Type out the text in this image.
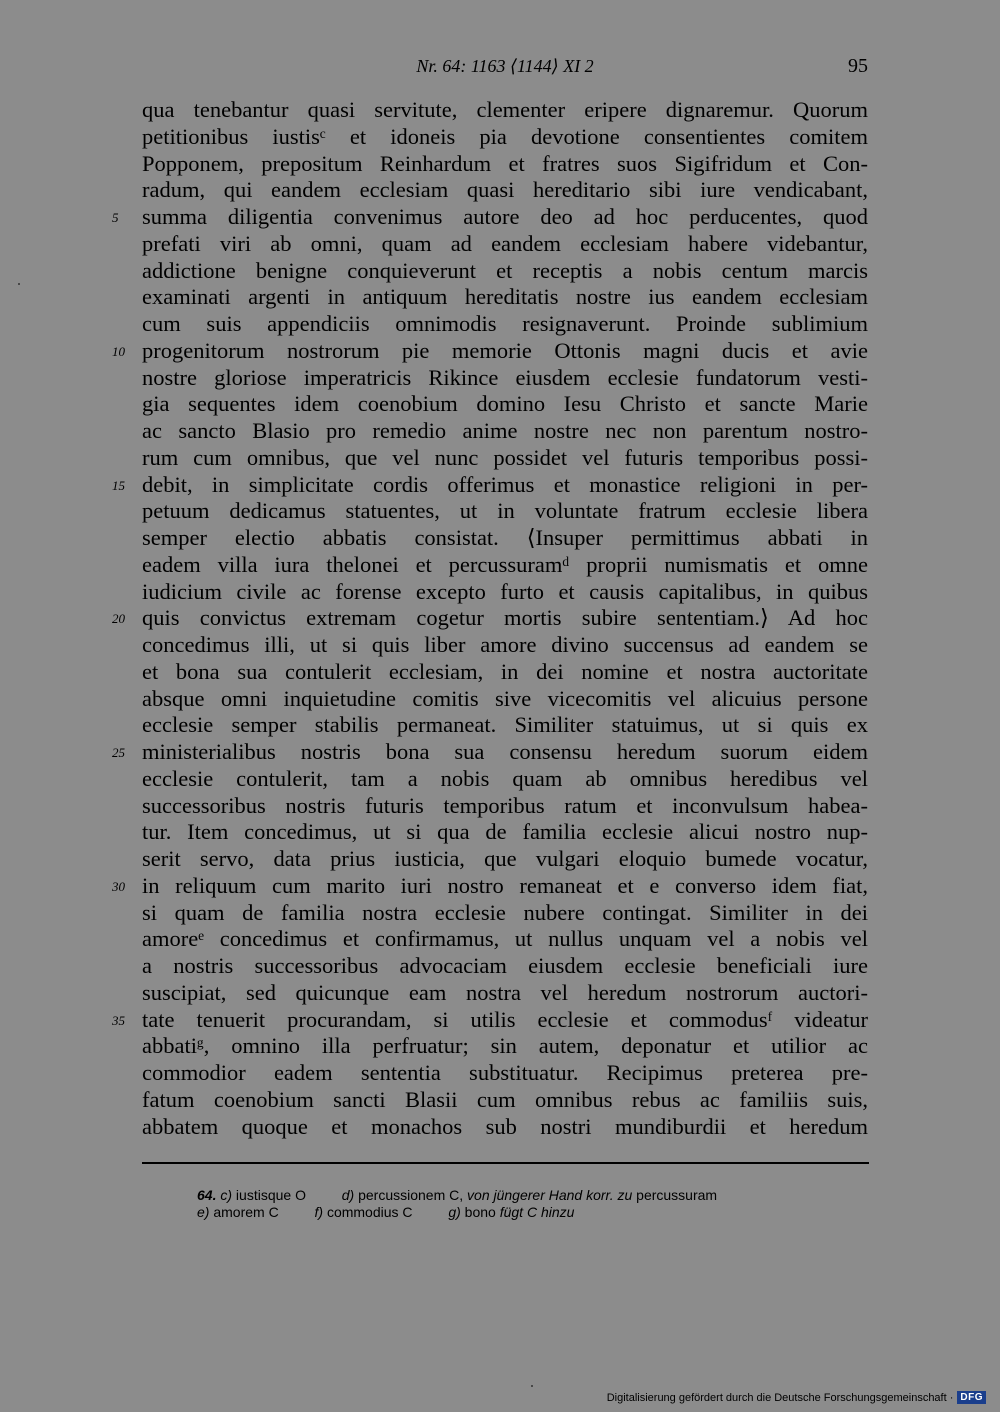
Nr. 64: 1163 ⟨1144⟩ XI 2	95
qua tenebantur quasi servitute, clementer eripere dignaremur. Quorum
petitionibus iustisᶜ et idoneis pia devotione consentientes comitem
Popponem, prepositum Reinhardum et fratres suos Sigifridum et Con-
radum, qui eandem ecclesiam quasi hereditario sibi iure vendicabant,
5	summa diligentia convenimus autore deo ad hoc perducentes, quod
prefati viri ab omni, quam ad eandem ecclesiam habere videbantur,
addictione benigne conquieverunt et receptis a nobis centum marcis
examinati argenti in antiquum hereditatis nostre ius eandem ecclesiam
cum suis appendiciis omnimodis resignaverunt. Proinde sublimium
10 progenitorum nostrorum pie memorie Ottonis magni ducis et avie
nostre gloriose imperatricis Rikince eiusdem ecclesie fundatorum vesti-
gia sequentes idem coenobium domino Iesu Christo et sancte Marie
ac sancto Blasio pro remedio anime nostre nec non parentum nostro-
rum cum omnibus, que vel nunc possidet vel futuris temporibus possi-
15 debit, in simplicitate cordis offerimus et monastice religioni in per-
petuum dedicamus statuentes, ut in voluntate fratrum ecclesie libera
semper electio abbatis consistat. ⟨Insuper permittimus abbati in
eadem villa iura thelonei et percussuramᵈ proprii numismatis et omne
iudicium civile ac forense excepto furto et causis capitalibus, in quibus
20 quis convictus extremam cogetur mortis subire sententiam.⟩ Ad hoc
concedimus illi, ut si quis liber amore divino succensus ad eandem se
et bona sua contulerit ecclesiam, in dei nomine et nostra auctoritate
absque omni inquietudine comitis sive vicecomitis vel alicuius persone
ecclesie semper stabilis permaneat. Similiter statuimus, ut si quis ex
25 ministerialibus nostris bona sua consensu heredum suorum eidem
ecclesie contulerit, tam a nobis quam ab omnibus heredibus vel
successoribus nostris futuris temporibus ratum et inconvulsum habea-
tur. Item concedimus, ut si qua de familia ecclesie alicui nostro nup-
serit servo, data prius iusticia, que vulgari eloquio bumede vocatur,
30 in reliquum cum marito iuri nostro remaneat et e converso idem fiat,
si quam de familia nostra ecclesie nubere contingat. Similiter in dei
amoreᵉ concedimus et confirmamus, ut nullus unquam vel a nobis vel
a nostris successoribus advocaciam eiusdem ecclesie beneficiali iure
suscipiat, sed quicunque eam nostra vel heredum nostrorum auctori-
35 tate tenuerit procurandam, si utilis ecclesie et commodusᶠ videatur
abbatiᵍ, omnino illa perfruatur; sin autem, deponatur et utilior ac
commodior eadem sententia substituatur. Recipimus preterea pre-
fatum coenobium sancti Blasii cum omnibus rebus ac familiis suis,
abbatem quoque et monachos sub nostri mundiburdii et heredum
64. c) iustisque O	d) percussionem C, von jüngerer Hand korr. zu percussuram
e) amorem C	f) commodius C	g) bono fügt C hinzu
Digitalisierung gefördert durch die Deutsche Forschungsgemeinschaft · DFG
